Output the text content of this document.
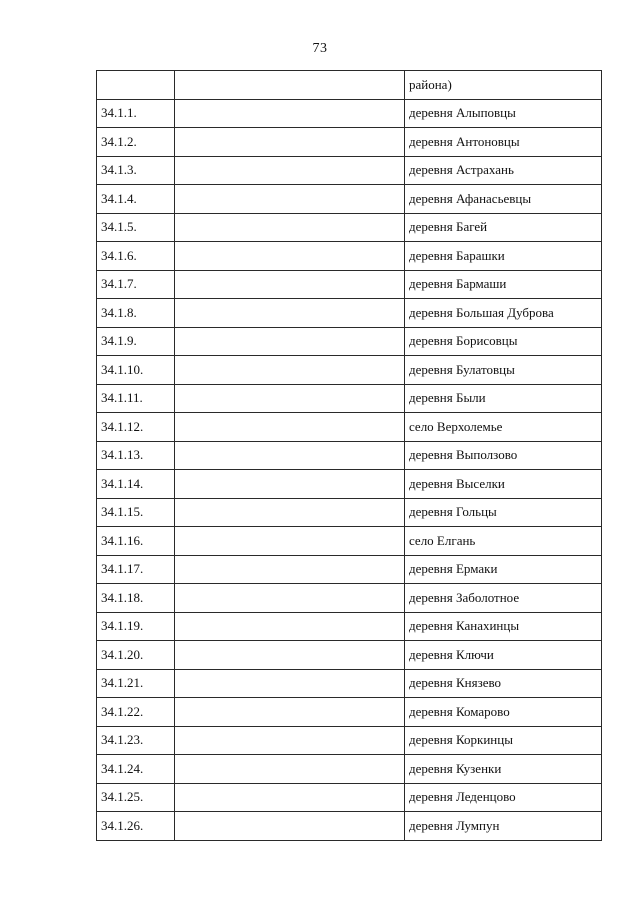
73
		района)
34.1.1.		деревня Алыповцы
34.1.2.		деревня Антоновцы
34.1.3.		деревня Астрахань
34.1.4.		деревня Афанасьевцы
34.1.5.		деревня Багей
34.1.6.		деревня Барашки
34.1.7.		деревня Бармаши
34.1.8.		деревня Большая Дуброва
34.1.9.		деревня Борисовцы
34.1.10.		деревня Булатовцы
34.1.11.		деревня Были
34.1.12.		село Верхолемье
34.1.13.		деревня Выползово
34.1.14.		деревня Выселки
34.1.15.		деревня Гольцы
34.1.16.		село Елгань
34.1.17.		деревня Ермаки
34.1.18.		деревня Заболотное
34.1.19.		деревня Канахинцы
34.1.20.		деревня Ключи
34.1.21.		деревня Князево
34.1.22.		деревня Комарово
34.1.23.		деревня Коркинцы
34.1.24.		деревня Кузенки
34.1.25.		деревня Леденцово
34.1.26.		деревня Лумпун
